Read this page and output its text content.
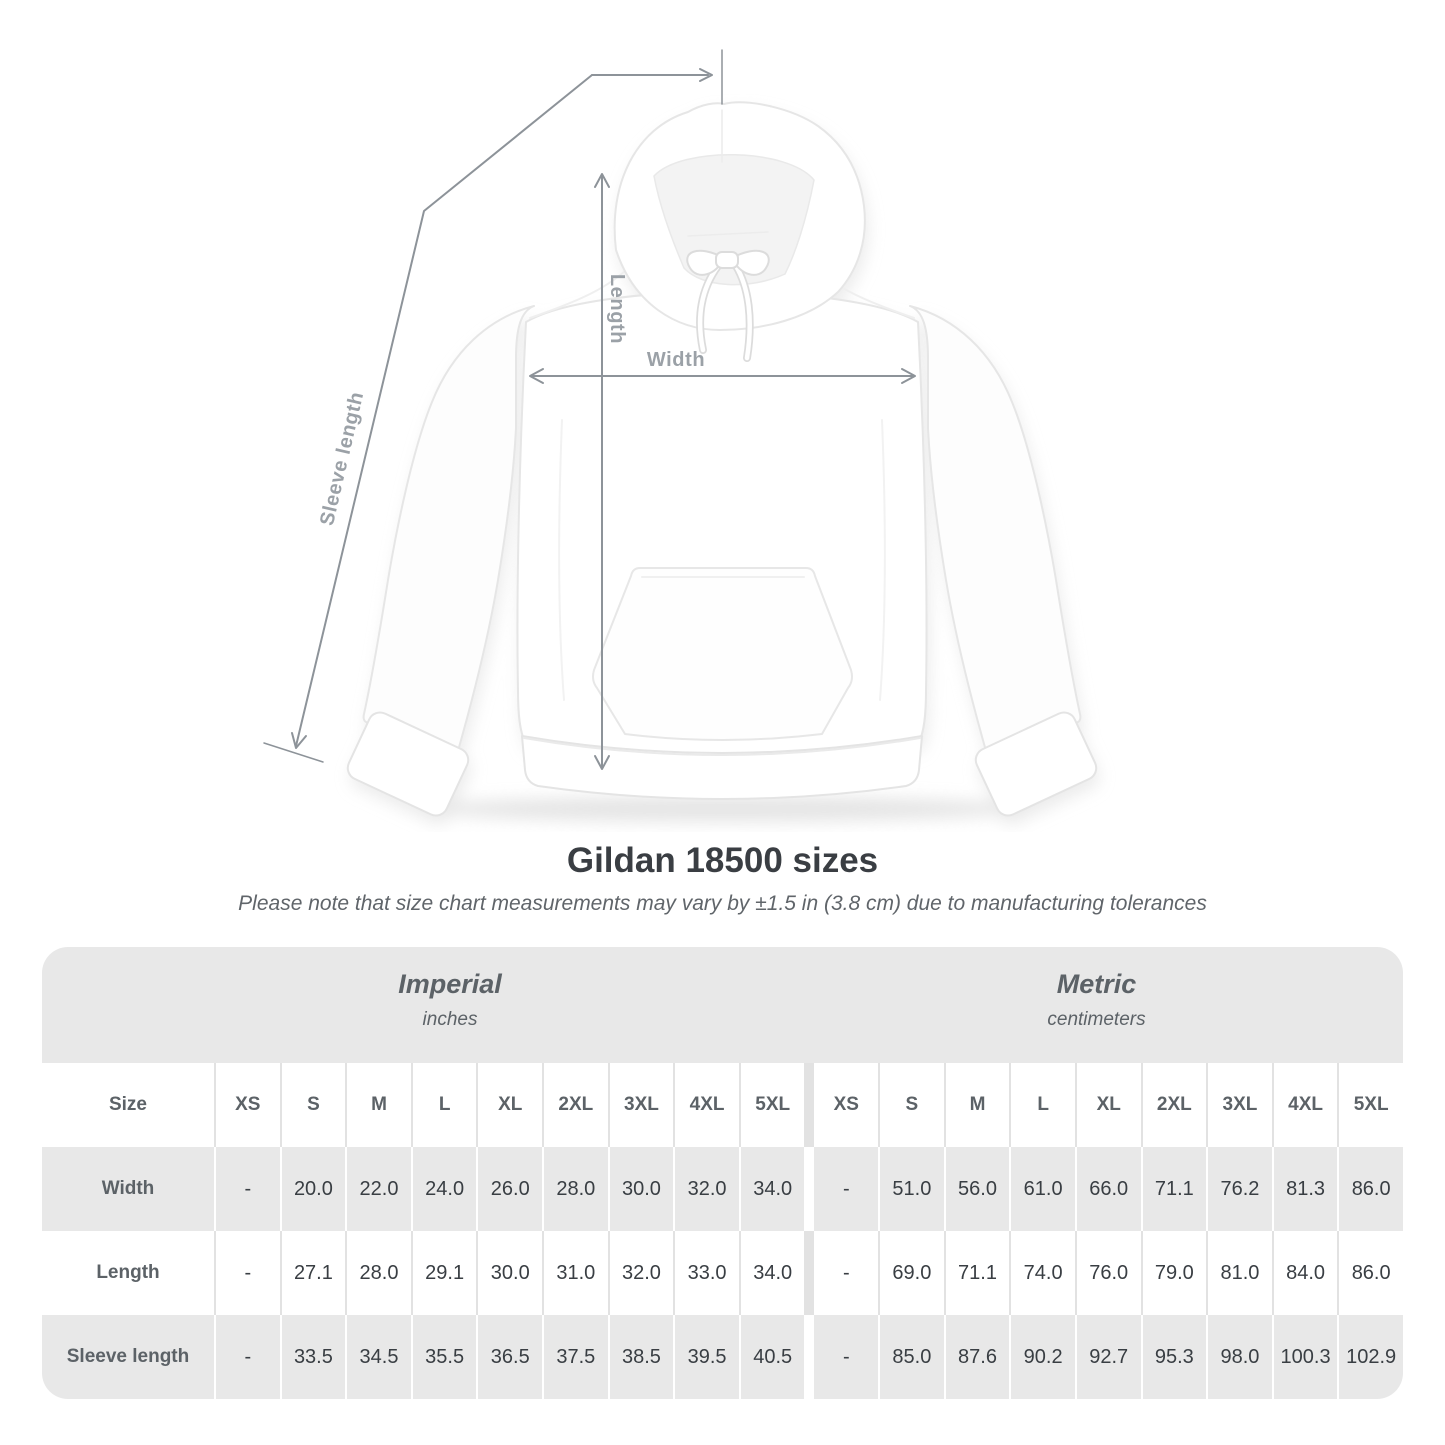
Width
Length
Sleeve length
Gildan 18500 sizes

Please note that size chart measurements may vary by ±1.5 in (3.8 cm) due to manufacturing tolerances

Imperial
inches
Metric
centimeters
Size	XS	S	M	L	XL	2XL	3XL	4XL	5XL	XS	S	M	L	XL	2XL	3XL	4XL	5XL
Width	-	20.0	22.0	24.0	26.0	28.0	30.0	32.0	34.0	-	51.0	56.0	61.0	66.0	71.1	76.2	81.3	86.0
Length	-	27.1	28.0	29.1	30.0	31.0	32.0	33.0	34.0	-	69.0	71.1	74.0	76.0	79.0	81.0	84.0	86.0
Sleeve length	-	33.5	34.5	35.5	36.5	37.5	38.5	39.5	40.5	-	85.0	87.6	90.2	92.7	95.3	98.0	100.3 102.9
